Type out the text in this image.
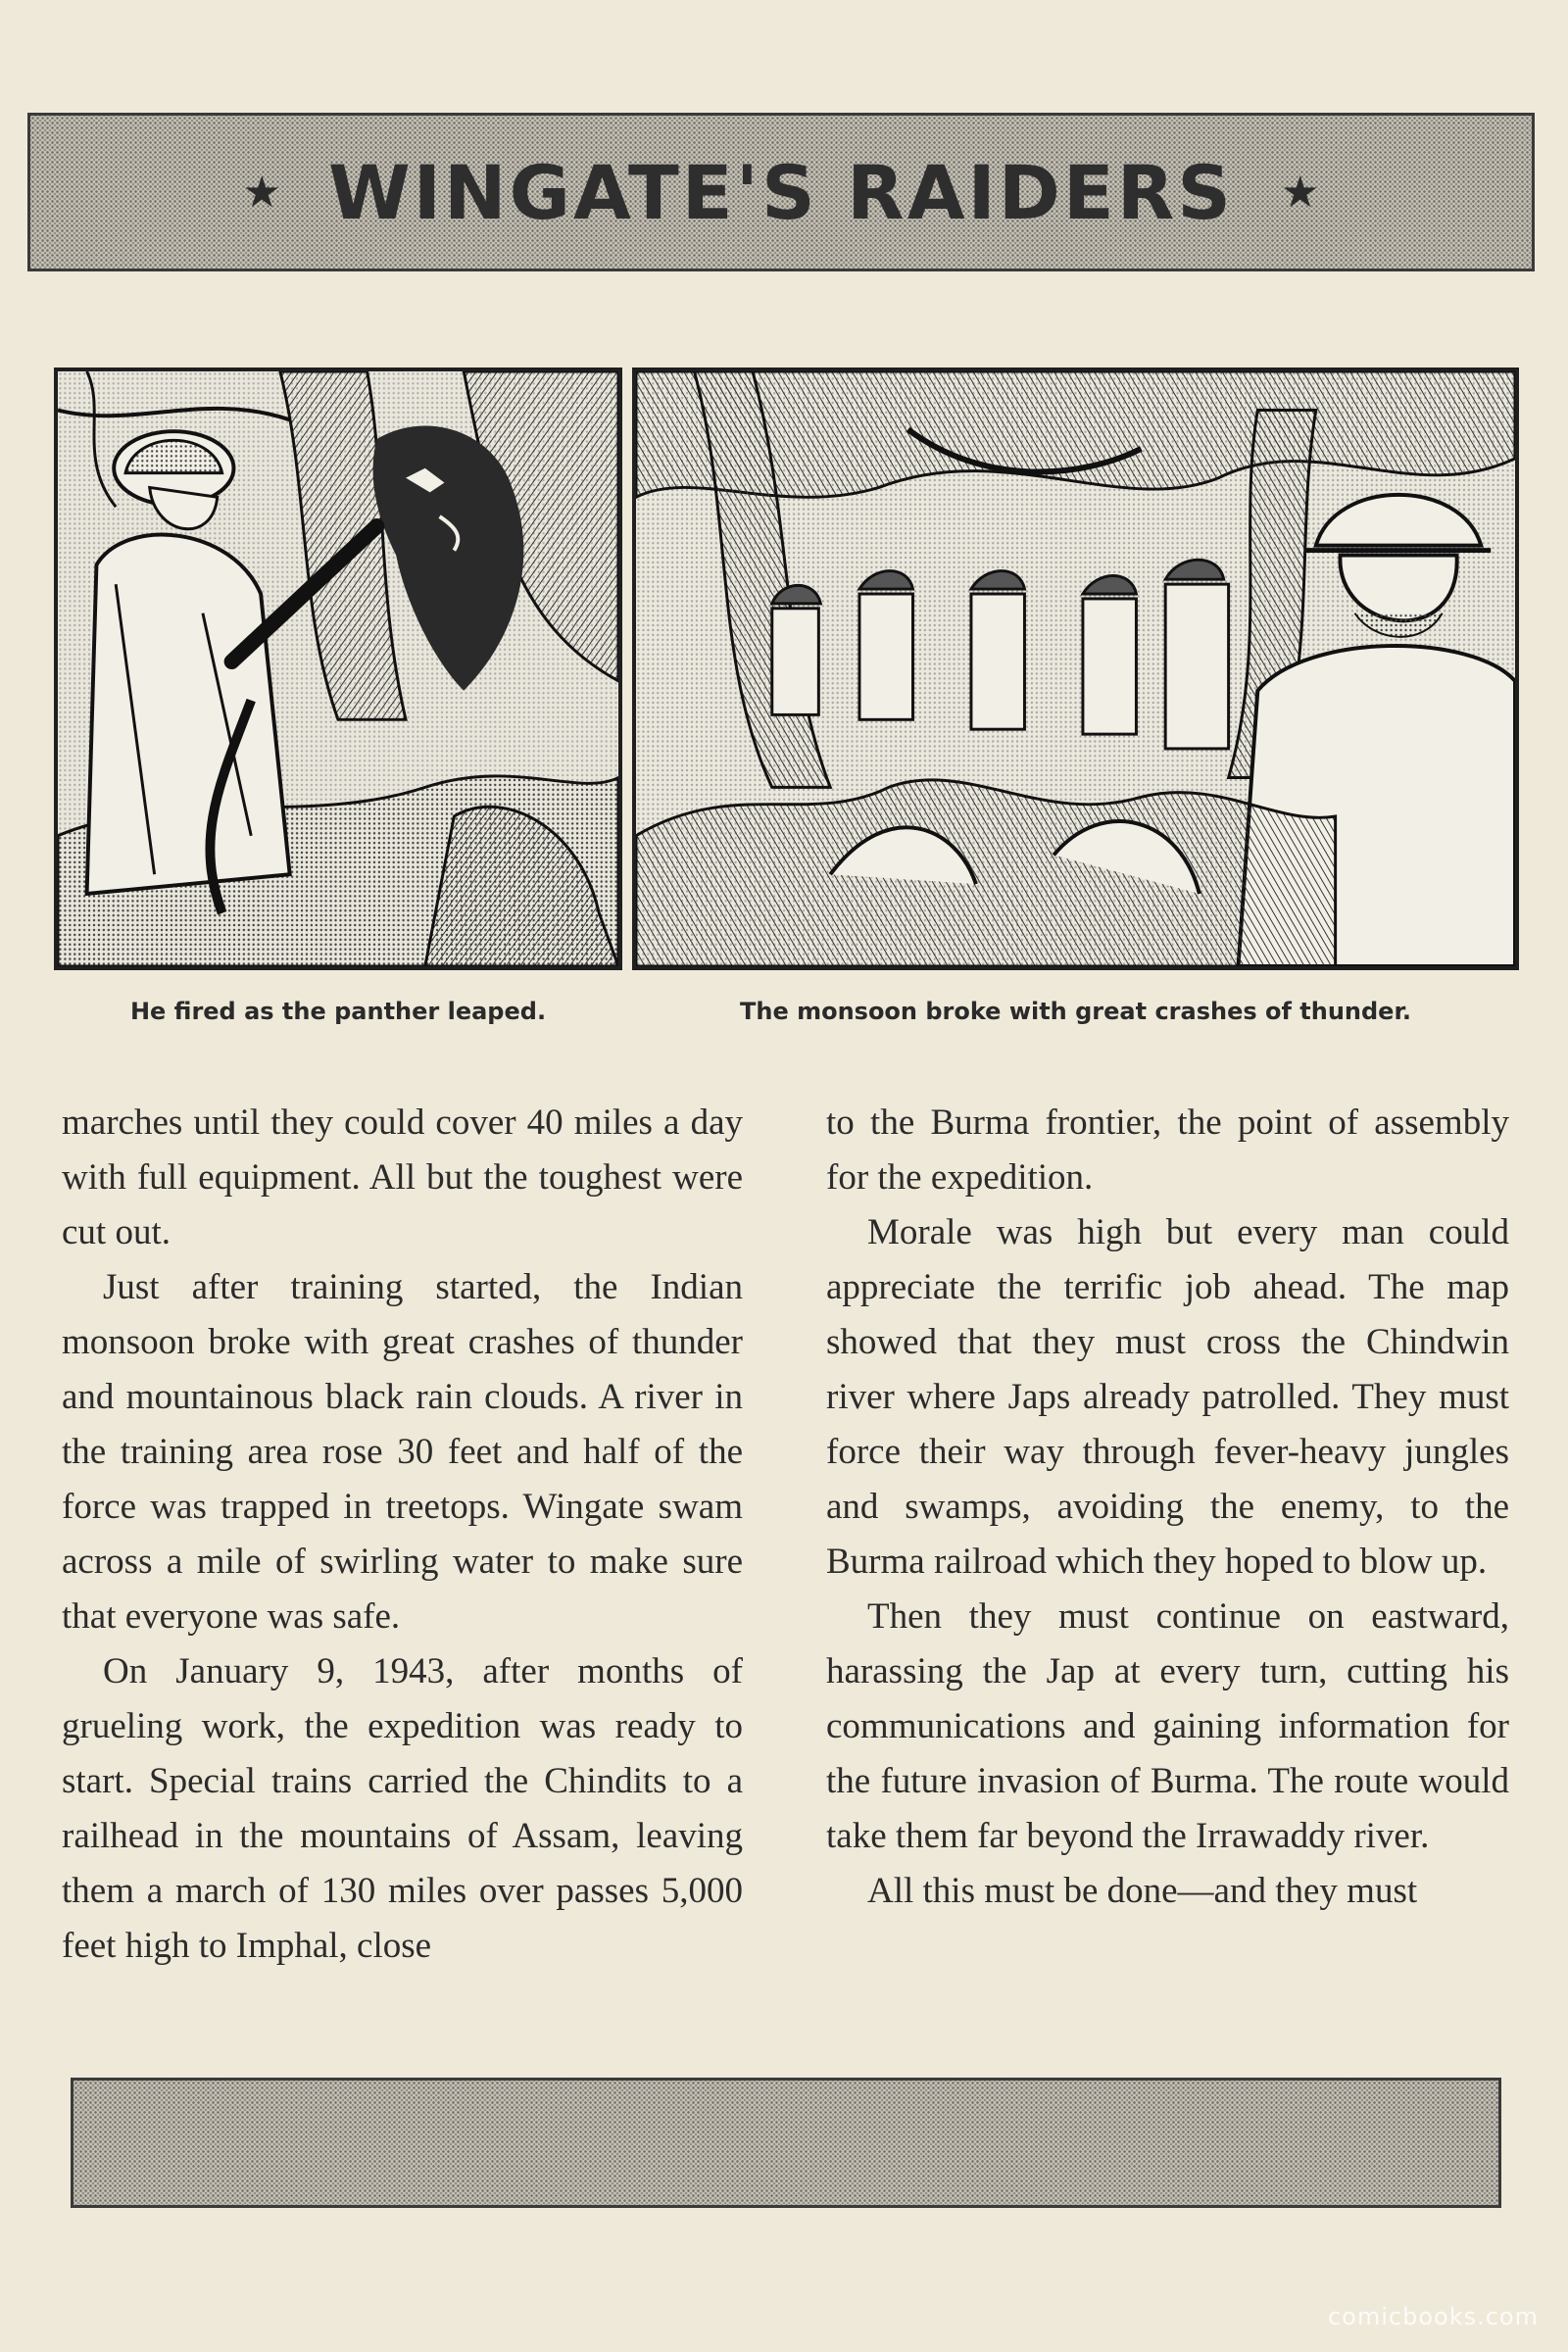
★ WINGATE'S RAIDERS ★
He fired as the panther leaped.	The monsoon broke with great crashes of thunder.

marches until they could cover 40 miles a day with full equipment. All but the toughest were cut out.

Just after training started, the Indian monsoon broke with great crashes of thunder and mountainous black rain clouds. A river in the training area rose 30 feet and half of the force was trapped in treetops. Wingate swam across a mile of swirling water to make sure that everyone was safe.

On January 9, 1943, after months of grueling work, the expedition was ready to start. Special trains carried the Chindits to a railhead in the mountains of Assam, leaving them a march of 130 miles over passes 5,000 feet high to Imphal, close

to the Burma frontier, the point of assembly for the expedition.

Morale was high but every man could appreciate the terrific job ahead. The map showed that they must cross the Chindwin river where Japs already patrolled. They must force their way through fever-heavy jungles and swamps, avoiding the enemy, to the Burma railroad which they hoped to blow up.

Then they must continue on eastward, harassing the Jap at every turn, cutting his communications and gaining information for the future invasion of Burma. The route would take them far beyond the Irrawaddy river.

All this must be done—and they must

comicbooks.com
